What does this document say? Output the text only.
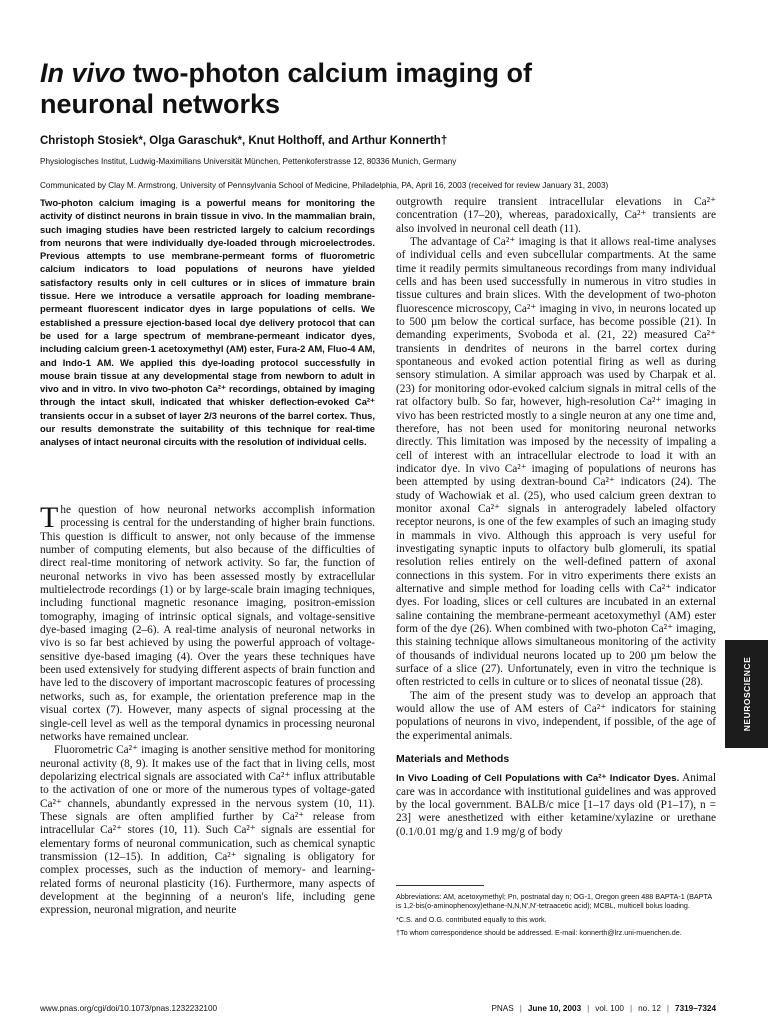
In vivo two-photon calcium imaging of neuronal networks
Christoph Stosiek*, Olga Garaschuk*, Knut Holthoff, and Arthur Konnerth†
Physiologisches Institut, Ludwig-Maximilians Universität München, Pettenkoferstrasse 12, 80336 Munich, Germany
Communicated by Clay M. Armstrong, University of Pennsylvania School of Medicine, Philadelphia, PA, April 16, 2003 (received for review January 31, 2003)

Two-photon calcium imaging is a powerful means for monitoring the activity of distinct neurons in brain tissue in vivo. In the mammalian brain, such imaging studies have been restricted largely to calcium recordings from neurons that were individually dye-loaded through microelectrodes. Previous attempts to use membrane-permeant forms of fluorometric calcium indicators to load populations of neurons have yielded satisfactory results only in cell cultures or in slices of immature brain tissue. Here we introduce a versatile approach for loading membrane-permeant fluorescent indicator dyes in large populations of cells. We established a pressure ejection-based local dye delivery protocol that can be used for a large spectrum of membrane-permeant indicator dyes, including calcium green-1 acetoxymethyl (AM) ester, Fura-2 AM, Fluo-4 AM, and Indo-1 AM. We applied this dye-loading protocol successfully in mouse brain tissue at any developmental stage from newborn to adult in vivo and in vitro. In vivo two-photon Ca²⁺ recordings, obtained by imaging through the intact skull, indicated that whisker deflection-evoked Ca²⁺ transients occur in a subset of layer 2/3 neurons of the barrel cortex. Thus, our results demonstrate the suitability of this technique for real-time analyses of intact neuronal circuits with the resolution of individual cells.

The question of how neuronal networks accomplish information processing is central for the understanding of higher brain functions. This question is difficult to answer, not only because of the immense number of computing elements, but also because of the difficulties of direct real-time monitoring of network activity. So far, the function of neuronal networks in vivo has been assessed mostly by extracellular multielectrode recordings (1) or by large-scale brain imaging techniques, including functional magnetic resonance imaging, positron-emission tomography, imaging of intrinsic optical signals, and voltage-sensitive dye-based imaging (2–6). A real-time analysis of neuronal networks in vivo is so far best achieved by using the powerful approach of voltage-sensitive dye-based imaging (4). Over the years these techniques have been used extensively for studying different aspects of brain function and have led to the discovery of important macroscopic features of processing networks, such as, for example, the orientation preference map in the visual cortex (7). However, many aspects of signal processing at the single-cell level as well as the temporal dynamics in processing neuronal networks have remained unclear.

Fluorometric Ca²⁺ imaging is another sensitive method for monitoring neuronal activity (8, 9). It makes use of the fact that in living cells, most depolarizing electrical signals are associated with Ca²⁺ influx attributable to the activation of one or more of the numerous types of voltage-gated Ca²⁺ channels, abundantly expressed in the nervous system (10, 11). These signals are often amplified further by Ca²⁺ release from intracellular Ca²⁺ stores (10, 11). Such Ca²⁺ signals are essential for elementary forms of neuronal communication, such as chemical synaptic transmission (12–15). In addition, Ca²⁺ signaling is obligatory for complex processes, such as the induction of memory- and learning-related forms of neuronal plasticity (16). Furthermore, many aspects of development at the beginning of a neuron's life, including gene expression, neuronal migration, and neurite

outgrowth require transient intracellular elevations in Ca²⁺ concentration (17–20), whereas, paradoxically, Ca²⁺ transients are also involved in neuronal cell death (11).

The advantage of Ca²⁺ imaging is that it allows real-time analyses of individual cells and even subcellular compartments. At the same time it readily permits simultaneous recordings from many individual cells and has been used successfully in numerous in vitro studies in tissue cultures and brain slices. With the development of two-photon fluorescence microscopy, Ca²⁺ imaging in vivo, in neurons located up to 500 µm below the cortical surface, has become possible (21). In demanding experiments, Svoboda et al. (21, 22) measured Ca²⁺ transients in dendrites of neurons in the barrel cortex during spontaneous and evoked action potential firing as well as during sensory stimulation. A similar approach was used by Charpak et al. (23) for monitoring odor-evoked calcium signals in mitral cells of the rat olfactory bulb. So far, however, high-resolution Ca²⁺ imaging in vivo has been restricted mostly to a single neuron at any one time and, therefore, has not been used for monitoring neuronal networks directly. This limitation was imposed by the necessity of impaling a cell of interest with an intracellular electrode to load it with an indicator dye. In vivo Ca²⁺ imaging of populations of neurons has been attempted by using dextran-bound Ca²⁺ indicators (24). The study of Wachowiak et al. (25), who used calcium green dextran to monitor axonal Ca²⁺ signals in anterogradely labeled olfactory receptor neurons, is one of the few examples of such an imaging study in mammals in vivo. Although this approach is very useful for investigating synaptic inputs to olfactory bulb glomeruli, its spatial resolution relies entirely on the well-defined pattern of axonal connections in this system. For in vitro experiments there exists an alternative and simple method for loading cells with Ca²⁺ indicator dyes. For loading, slices or cell cultures are incubated in an external saline containing the membrane-permeant acetoxymethyl (AM) ester form of the dye (26). When combined with two-photon Ca²⁺ imaging, this staining technique allows simultaneous monitoring of the activity of thousands of individual neurons located up to 200 µm below the surface of a slice (27). Unfortunately, even in vitro the technique is often restricted to cells in culture or to slices of neonatal tissue (28).

The aim of the present study was to develop an approach that would allow the use of AM esters of Ca²⁺ indicators for staining populations of neurons in vivo, independent, if possible, of the age of the experimental animals.

Materials and Methods

In Vivo Loading of Cell Populations with Ca²⁺ Indicator Dyes. Animal care was in accordance with institutional guidelines and was approved by the local government. BALB/c mice [1–17 days old (P1–17), n = 23] were anesthetized with either ketamine/xylazine or urethane (0.1/0.01 mg/g and 1.9 mg/g of body

Abbreviations: AM, acetoxymethyl; Pn, postnatal day n; OG-1, Oregon green 488 BAPTA-1 (BAPTA is 1,2-bis(o-aminophenoxy)ethane-N,N,N′,N′-tetraacetic acid); MCBL, multicell bolus loading.

*C.S. and O.G. contributed equally to this work.

†To whom correspondence should be addressed. E-mail: konnerth@lrz.uni-muenchen.de.

NEUROSCIENCE
www.pnas.org/cgi/doi/10.1073/pnas.1232232100	PNAS | June 10, 2003 | vol. 100 | no. 12 | 7319–7324
